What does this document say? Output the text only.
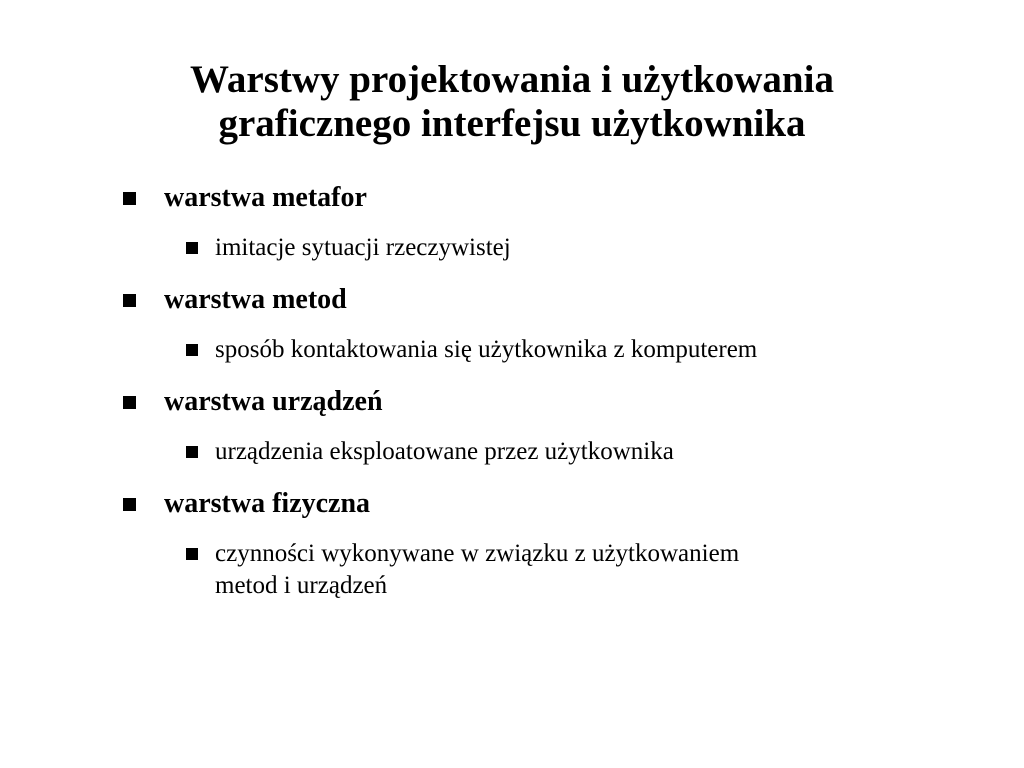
Warstwy projektowania i użytkowania
graficznego interfejsu użytkownika
warstwa metafor
imitacje sytuacji rzeczywistej
warstwa metod
sposób kontaktowania się użytkownika z komputerem
warstwa urządzeń
urządzenia eksploatowane przez użytkownika
warstwa fizyczna
czynności wykonywane w związku z użytkowaniem
metod i urządzeń
